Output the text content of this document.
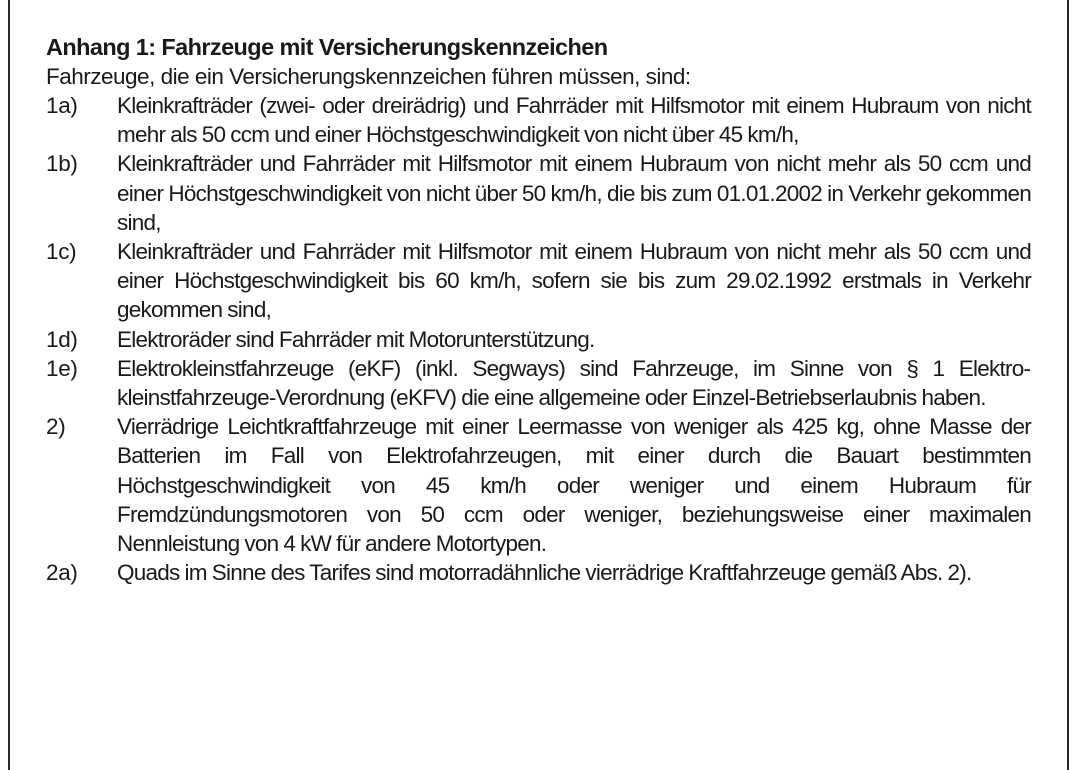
Anhang 1: Fahrzeuge mit Versicherungskennzeichen
Fahrzeuge, die ein Versicherungskennzeichen führen müssen, sind:
1a)	Kleinkrafträder (zwei- oder dreirädrig) und Fahrräder mit Hilfsmotor mit einem Hubraum von nicht mehr als 50 ccm und einer Höchstgeschwindigkeit von nicht über 45 km/h,
1b)	Kleinkrafträder und Fahrräder mit Hilfsmotor mit einem Hubraum von nicht mehr als 50 ccm und einer Höchstgeschwindigkeit von nicht über 50 km/h, die bis zum 01.01.2002 in Verkehr gekommen sind,
1c)	Kleinkrafträder und Fahrräder mit Hilfsmotor mit einem Hubraum von nicht mehr als 50 ccm und einer Höchstgeschwindigkeit bis 60 km/h, sofern sie bis zum 29.02.1992 erstmals in Verkehr gekommen sind,
1d)	Elektroräder sind Fahrräder mit Motorunterstützung.
1e)	Elektrokleinstfahrzeuge (eKF) (inkl. Segways) sind Fahrzeuge, im Sinne von § 1 Elektrokleinstfahrzeuge-Verordnung (eKFV) die eine allgemeine oder Einzel-Betriebserlaubnis haben.
2)	Vierrädrige Leichtkraftfahrzeuge mit einer Leermasse von weniger als 425 kg, ohne Masse der Batterien im Fall von Elektrofahrzeugen, mit einer durch die Bauart bestimmten Höchstgeschwindigkeit von 45 km/h oder weniger und einem Hubraum für Fremdzündungsmotoren von 50 ccm oder weniger, beziehungsweise einer maximalen Nennleistung von 4 kW für andere Motortypen.
2a)	Quads im Sinne des Tarifes sind motorradähnliche vierrädrige Kraftfahrzeuge gemäß Abs. 2).
